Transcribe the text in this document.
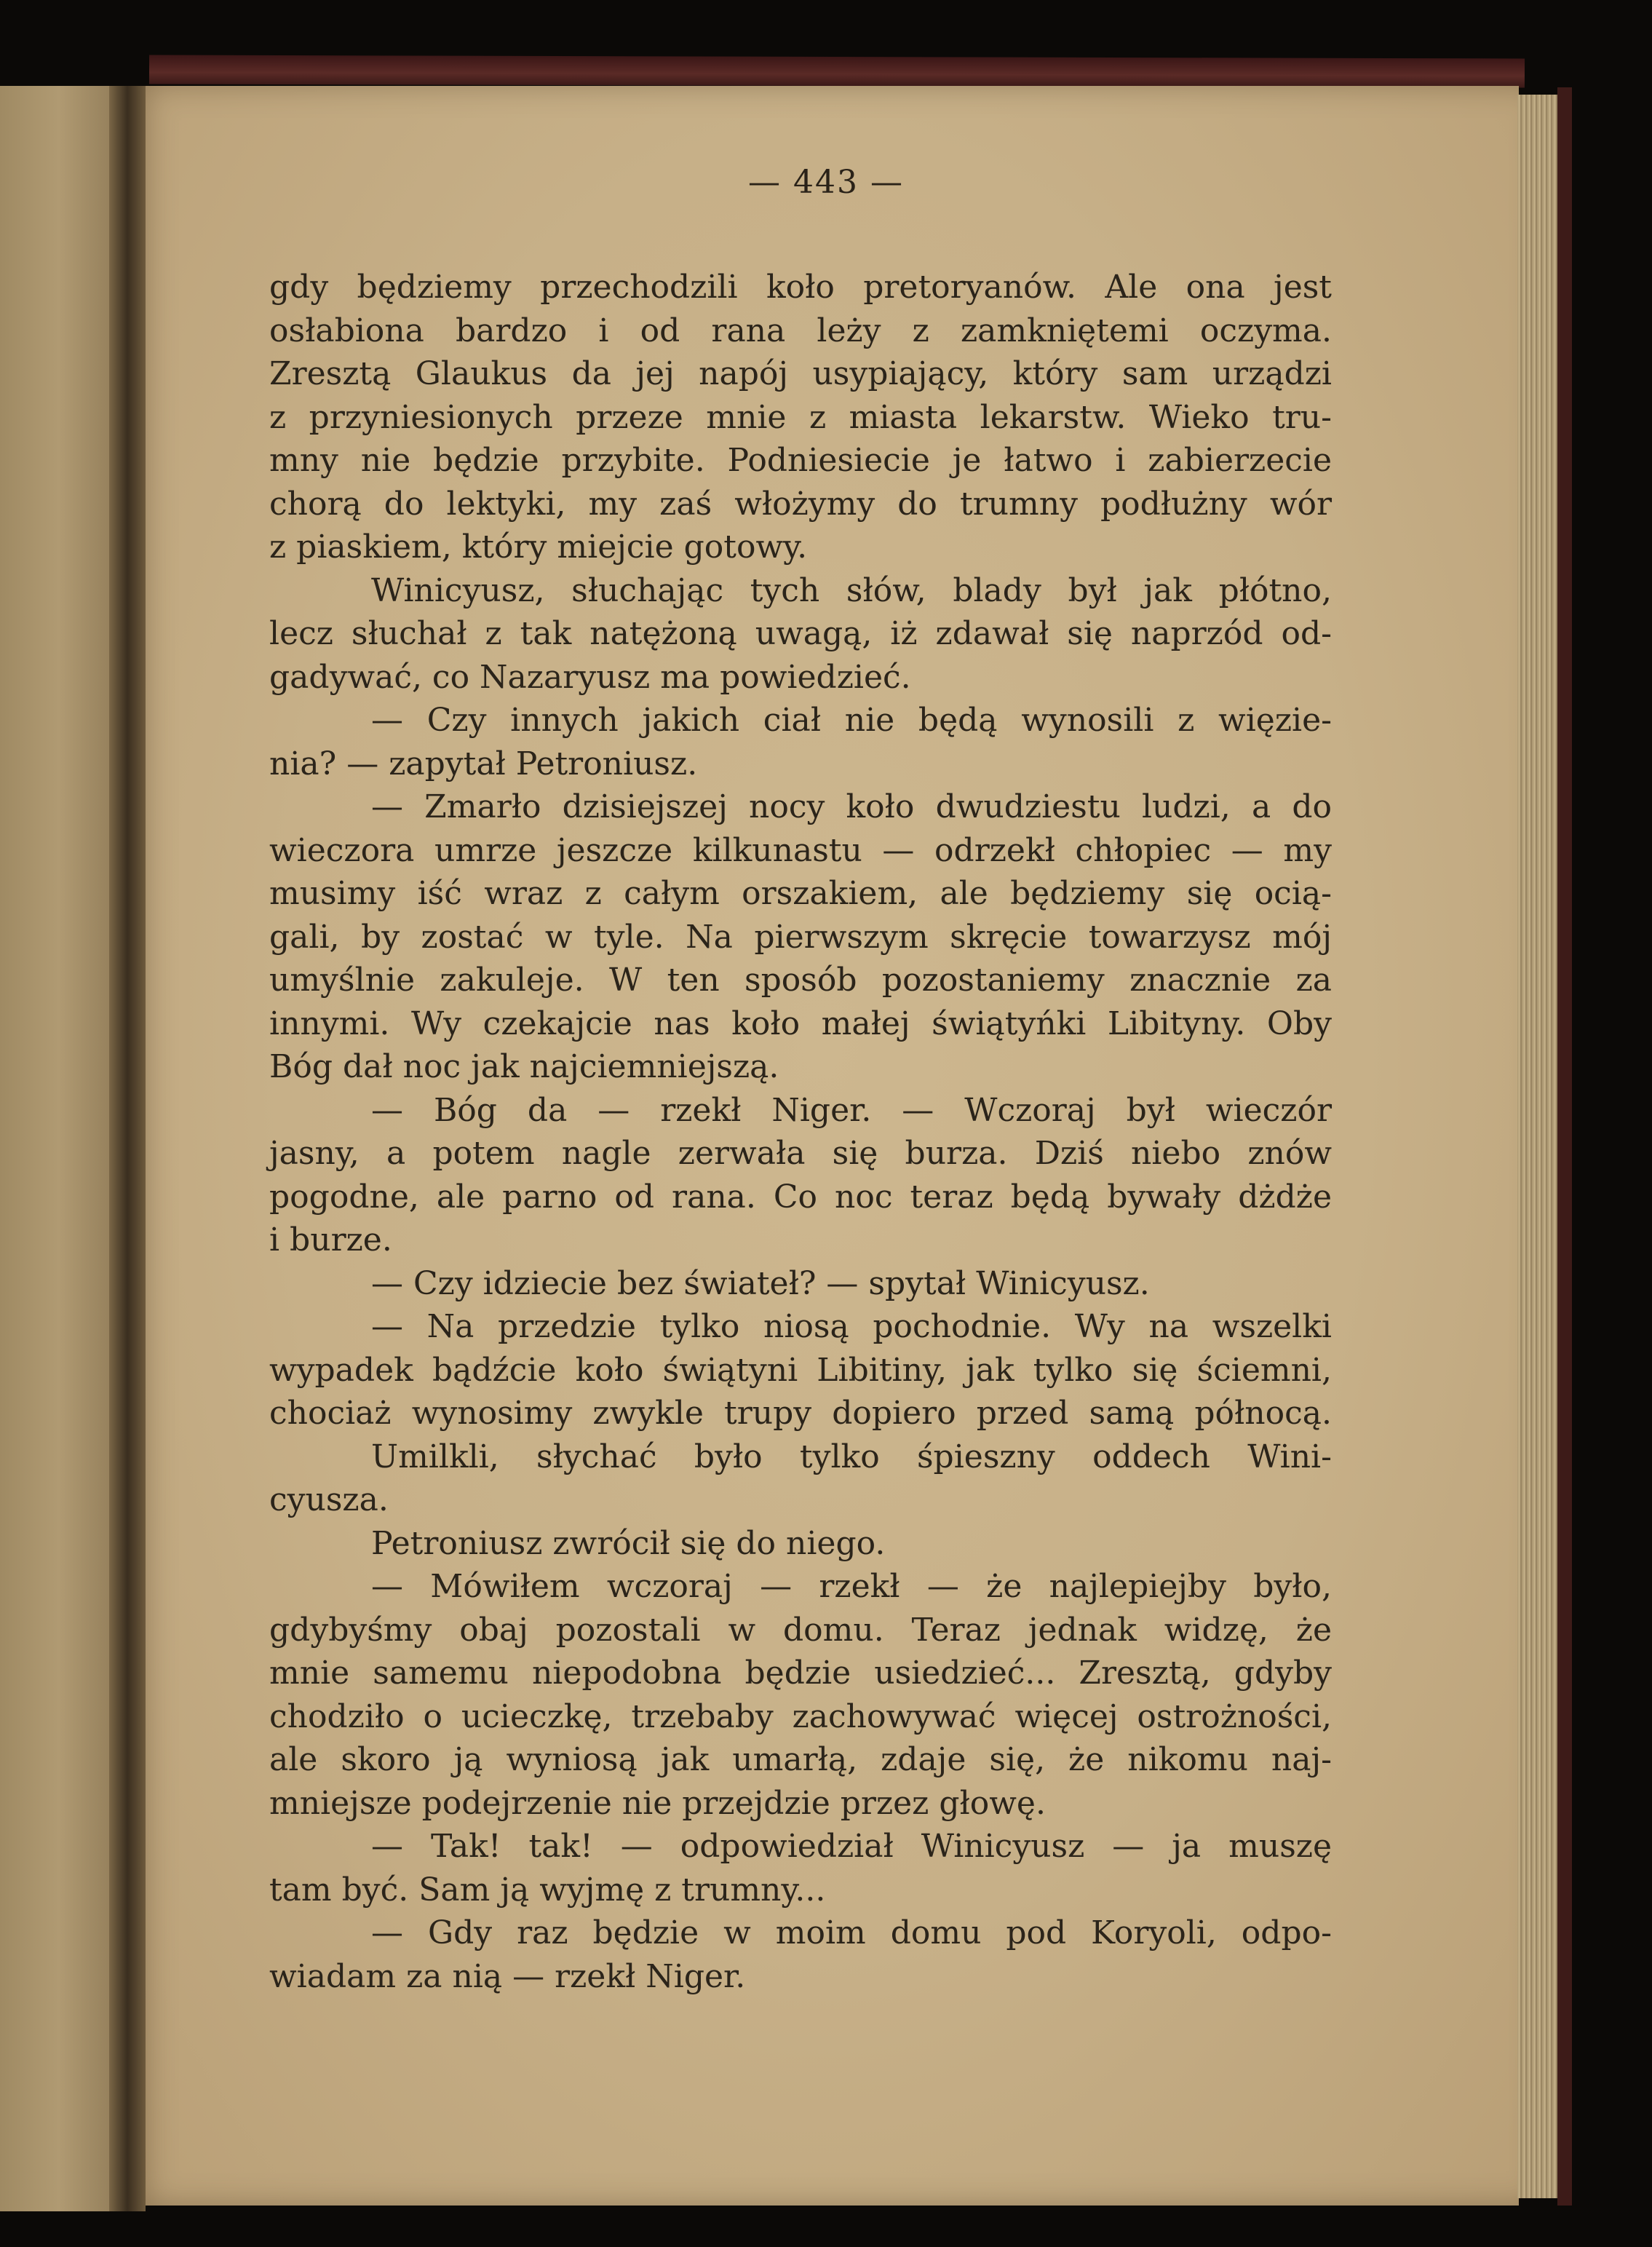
— 443 —
gdy będziemy przechodzili koło pretoryanów. Ale ona jest
osłabiona bardzo i od rana leży z zamkniętemi oczyma.
Zresztą Glaukus da jej napój usypiający, który sam urządzi
z przyniesionych przeze mnie z miasta lekarstw. Wieko tru-
mny nie będzie przybite. Podniesiecie je łatwo i zabierzecie
chorą do lektyki, my zaś włożymy do trumny podłużny wór
z piaskiem, który miejcie gotowy.
Winicyusz, słuchając tych słów, blady był jak płótno,
lecz słuchał z tak natężoną uwagą, iż zdawał się naprzód od-
gadywać, co Nazaryusz ma powiedzieć.
— Czy innych jakich ciał nie będą wynosili z więzie-
nia? — zapytał Petroniusz.
— Zmarło dzisiejszej nocy koło dwudziestu ludzi, a do
wieczora umrze jeszcze kilkunastu — odrzekł chłopiec — my
musimy iść wraz z całym orszakiem, ale będziemy się ocią-
gali, by zostać w tyle. Na pierwszym skręcie towarzysz mój
umyślnie zakuleje. W ten sposób pozostaniemy znacznie za
innymi. Wy czekajcie nas koło małej świątyńki Libityny. Oby
Bóg dał noc jak najciemniejszą.
— Bóg da — rzekł Niger. — Wczoraj był wieczór
jasny, a potem nagle zerwała się burza. Dziś niebo znów
pogodne, ale parno od rana. Co noc teraz będą bywały dżdże
i burze.
— Czy idziecie bez świateł? — spytał Winicyusz.
— Na przedzie tylko niosą pochodnie. Wy na wszelki
wypadek bądźcie koło świątyni Libitiny, jak tylko się ściemni,
chociaż wynosimy zwykle trupy dopiero przed samą północą.
Umilkli, słychać było tylko śpieszny oddech Wini-
cyusza.
Petroniusz zwrócił się do niego.
— Mówiłem wczoraj — rzekł — że najlepiejby było,
gdybyśmy obaj pozostali w domu. Teraz jednak widzę, że
mnie samemu niepodobna będzie usiedzieć... Zresztą, gdyby
chodziło o ucieczkę, trzebaby zachowywać więcej ostrożności,
ale skoro ją wyniosą jak umarłą, zdaje się, że nikomu naj-
mniejsze podejrzenie nie przejdzie przez głowę.
— Tak! tak! — odpowiedział Winicyusz — ja muszę
tam być. Sam ją wyjmę z trumny...
— Gdy raz będzie w moim domu pod Koryoli, odpo-
wiadam za nią — rzekł Niger.
